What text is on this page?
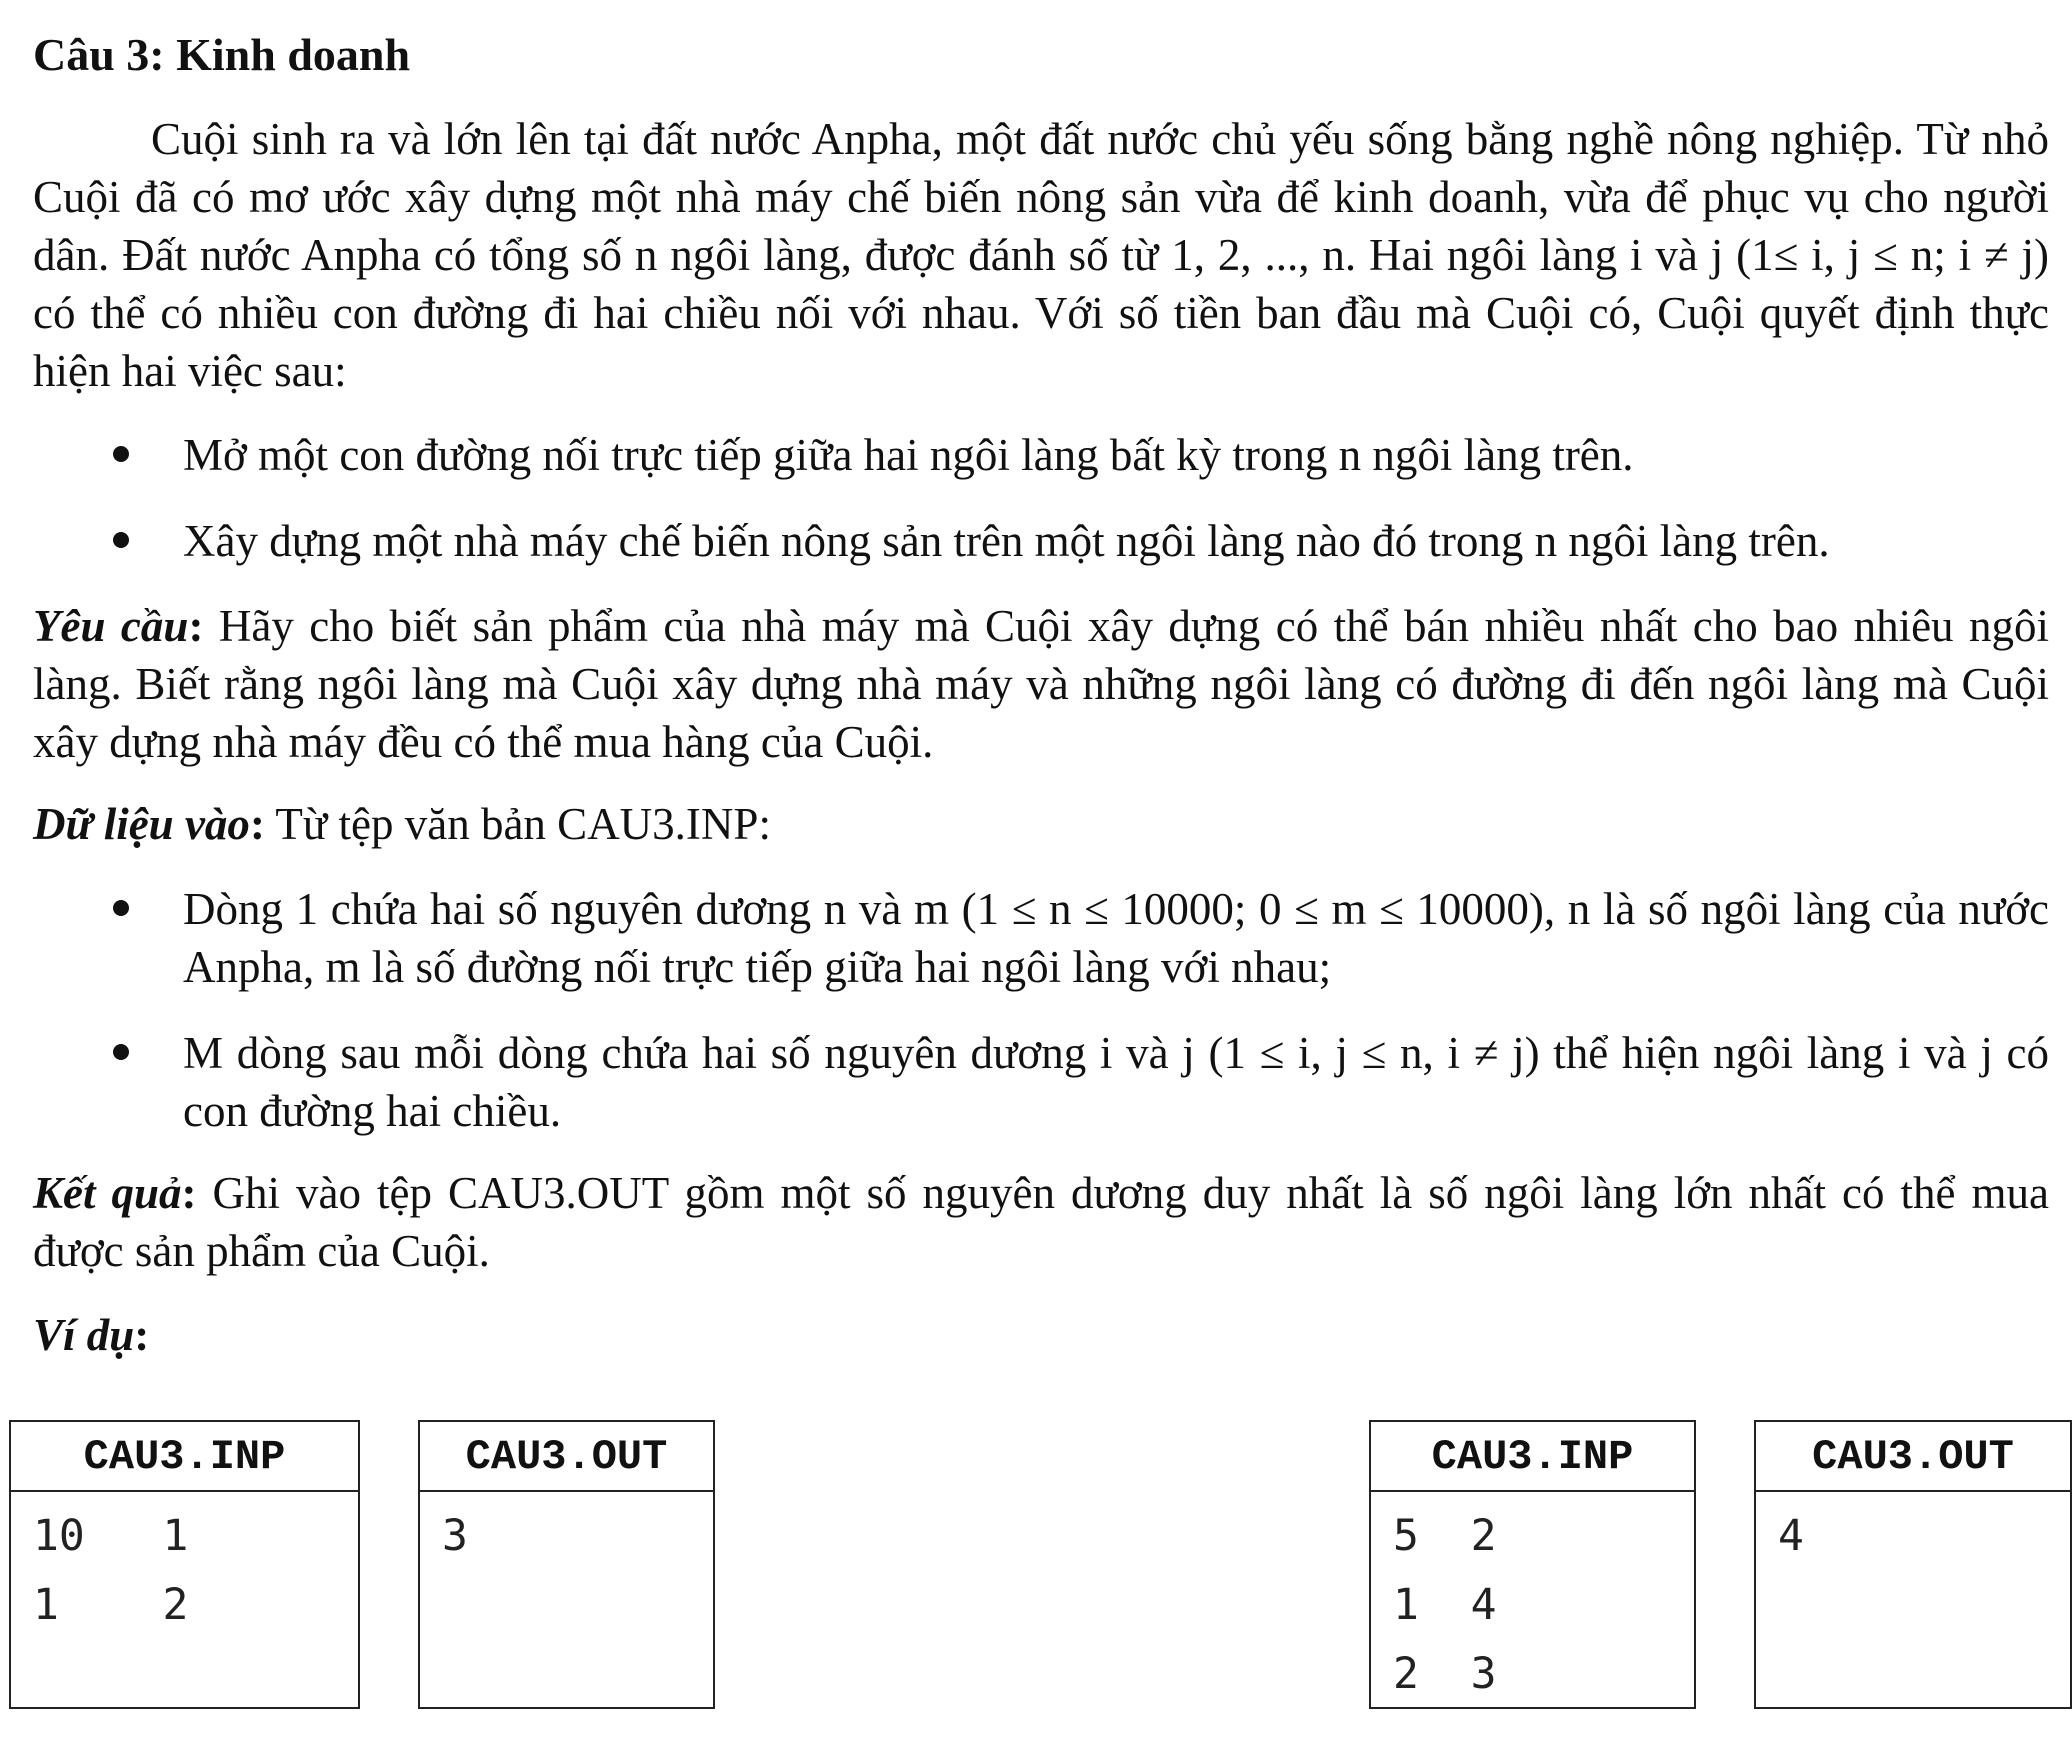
Câu 3: Kinh doanh

Cuội sinh ra và lớn lên tại đất nước Anpha, một đất nước chủ yếu sống bằng nghề nông nghiệp. Từ nhỏ Cuội đã có mơ ước xây dựng một nhà máy chế biến nông sản vừa để kinh doanh, vừa để phục vụ cho người dân. Đất nước Anpha có tổng số n ngôi làng, được đánh số từ 1, 2, ..., n. Hai ngôi làng i và j (1≤ i, j ≤ n; i ≠ j) có thể có nhiều con đường đi hai chiều nối với nhau. Với số tiền ban đầu mà Cuội có, Cuội quyết định thực hiện hai việc sau:

Mở một con đường nối trực tiếp giữa hai ngôi làng bất kỳ trong n ngôi làng trên.

Xây dựng một nhà máy chế biến nông sản trên một ngôi làng nào đó trong n ngôi làng trên.

Yêu cầu: Hãy cho biết sản phẩm của nhà máy mà Cuội xây dựng có thể bán nhiều nhất cho bao nhiêu ngôi làng. Biết rằng ngôi làng mà Cuội xây dựng nhà máy và những ngôi làng có đường đi đến ngôi làng mà Cuội xây dựng nhà máy đều có thể mua hàng của Cuội.

Dữ liệu vào: Từ tệp văn bản CAU3.INP:

Dòng 1 chứa hai số nguyên dương n và m (1 ≤ n ≤ 10000; 0 ≤ m ≤ 10000), n là số ngôi làng của nước Anpha, m là số đường nối trực tiếp giữa hai ngôi làng với nhau;

M dòng sau mỗi dòng chứa hai số nguyên dương i và j (1 ≤ i, j ≤ n, i ≠ j) thể hiện ngôi làng i và j có con đường hai chiều.

Kết quả: Ghi vào tệp CAU3.OUT gồm một số nguyên dương duy nhất là số ngôi làng lớn nhất có thể mua được sản phẩm của Cuội.

Ví dụ:

CAU3.INP
10   1
1    2
CAU3.OUT
3
CAU3.INP
5  2
1  4
2  3
CAU3.OUT
4
